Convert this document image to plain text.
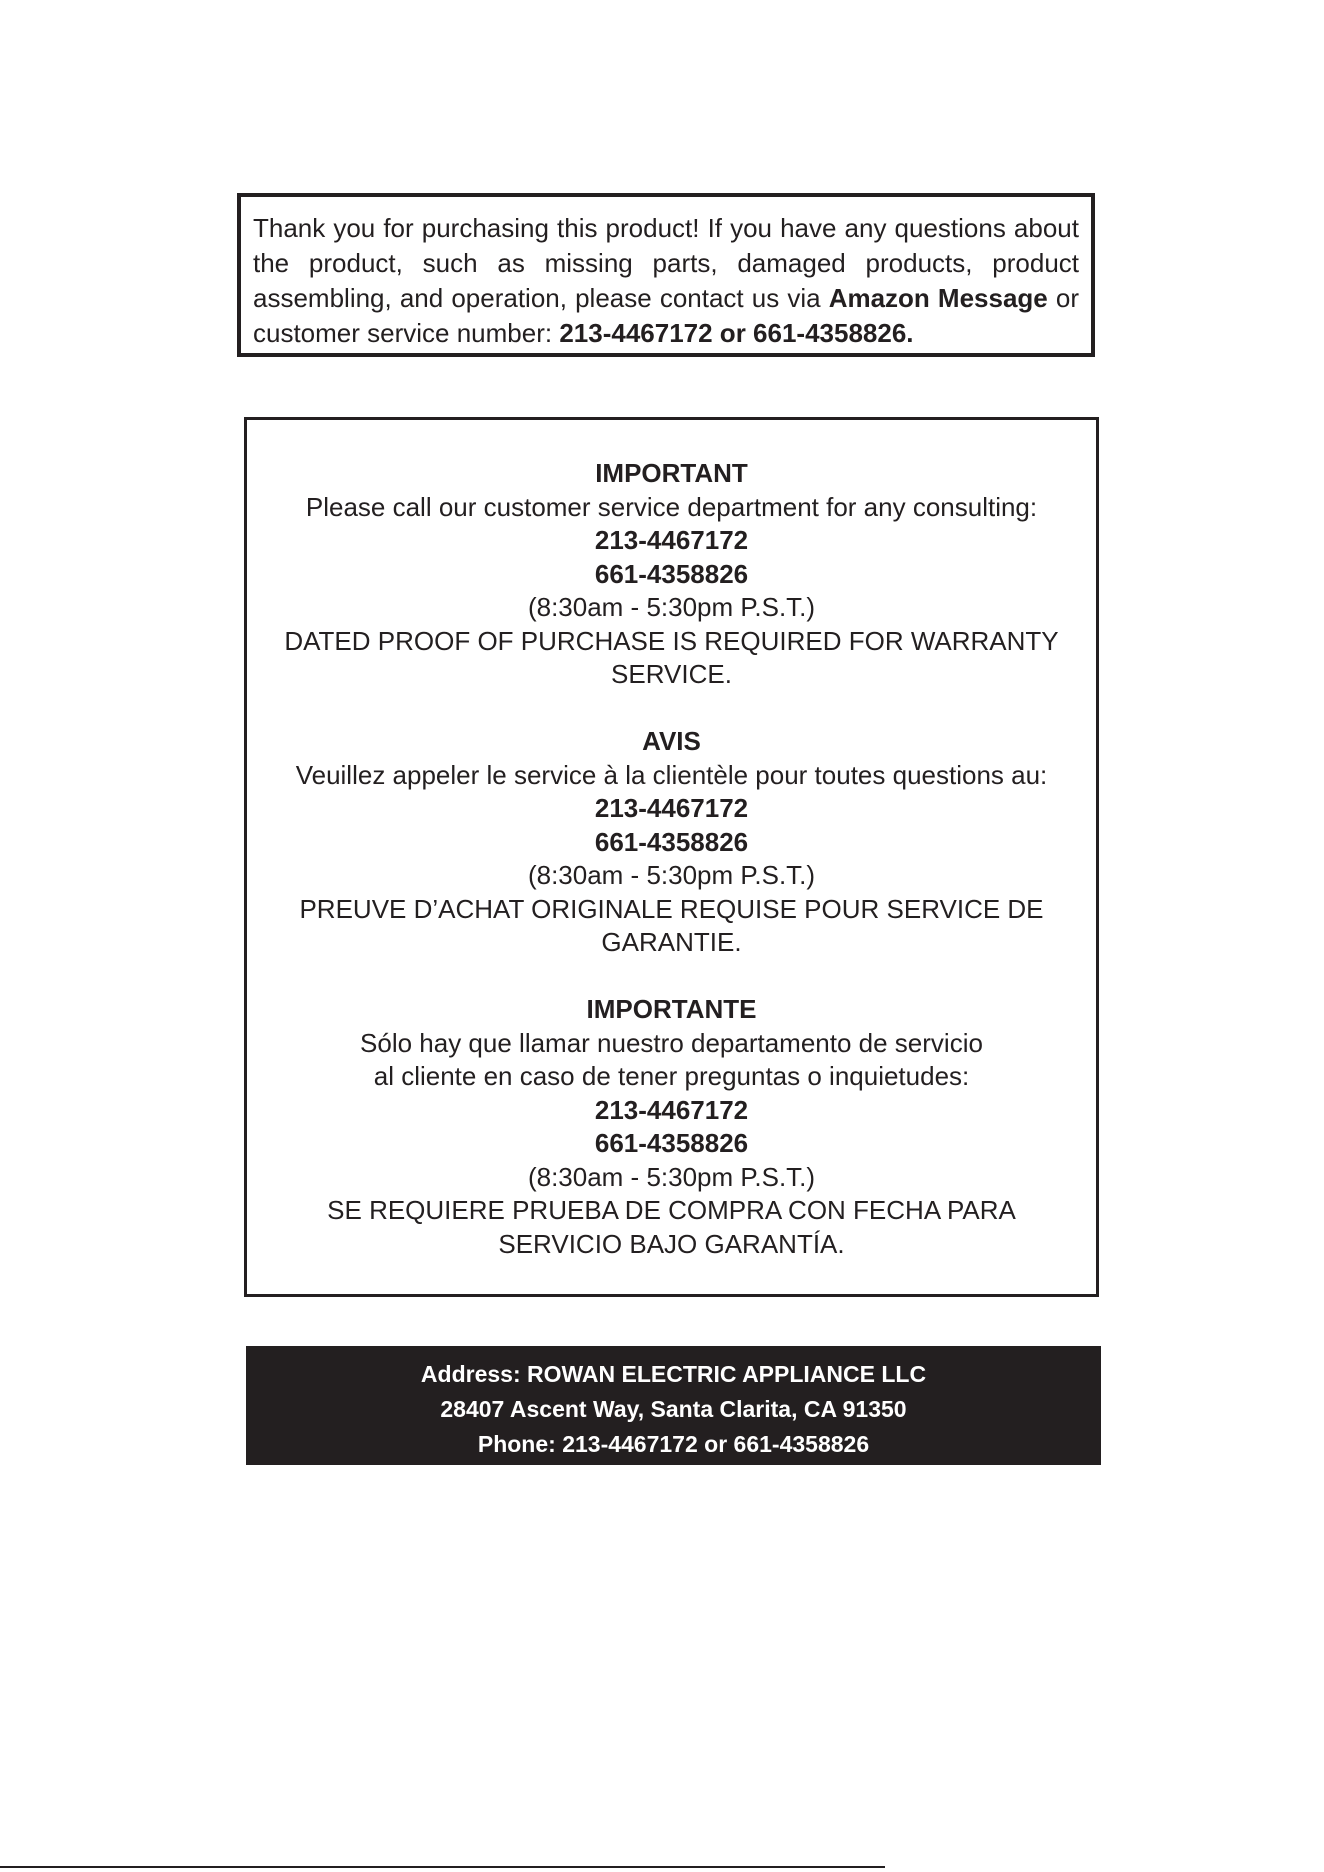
Thank you for purchasing this product! If you have any questions about the product, such as missing parts, damaged products, product assembling, and operation, please contact us via Amazon Message or customer service number: 213-4467172 or 661-4358826.
IMPORTANT
Please call our customer service department for any consulting:
213-4467172
661-4358826
(8:30am - 5:30pm P.S.T.)
DATED PROOF OF PURCHASE IS REQUIRED FOR WARRANTY
SERVICE.
AVIS
Veuillez appeler le service à la clientèle pour toutes questions au:
213-4467172
661-4358826
(8:30am - 5:30pm P.S.T.)
PREUVE D’ACHAT ORIGINALE REQUISE POUR SERVICE DE
GARANTIE.
IMPORTANTE
Sólo hay que llamar nuestro departamento de servicio
al cliente en caso de tener preguntas o inquietudes:
213-4467172
661-4358826
(8:30am - 5:30pm P.S.T.)
SE REQUIERE PRUEBA DE COMPRA CON FECHA PARA
SERVICIO BAJO GARANTÍA.
Address: ROWAN ELECTRIC APPLIANCE LLC
28407 Ascent Way, Santa Clarita, CA 91350
Phone: 213-4467172 or 661-4358826
